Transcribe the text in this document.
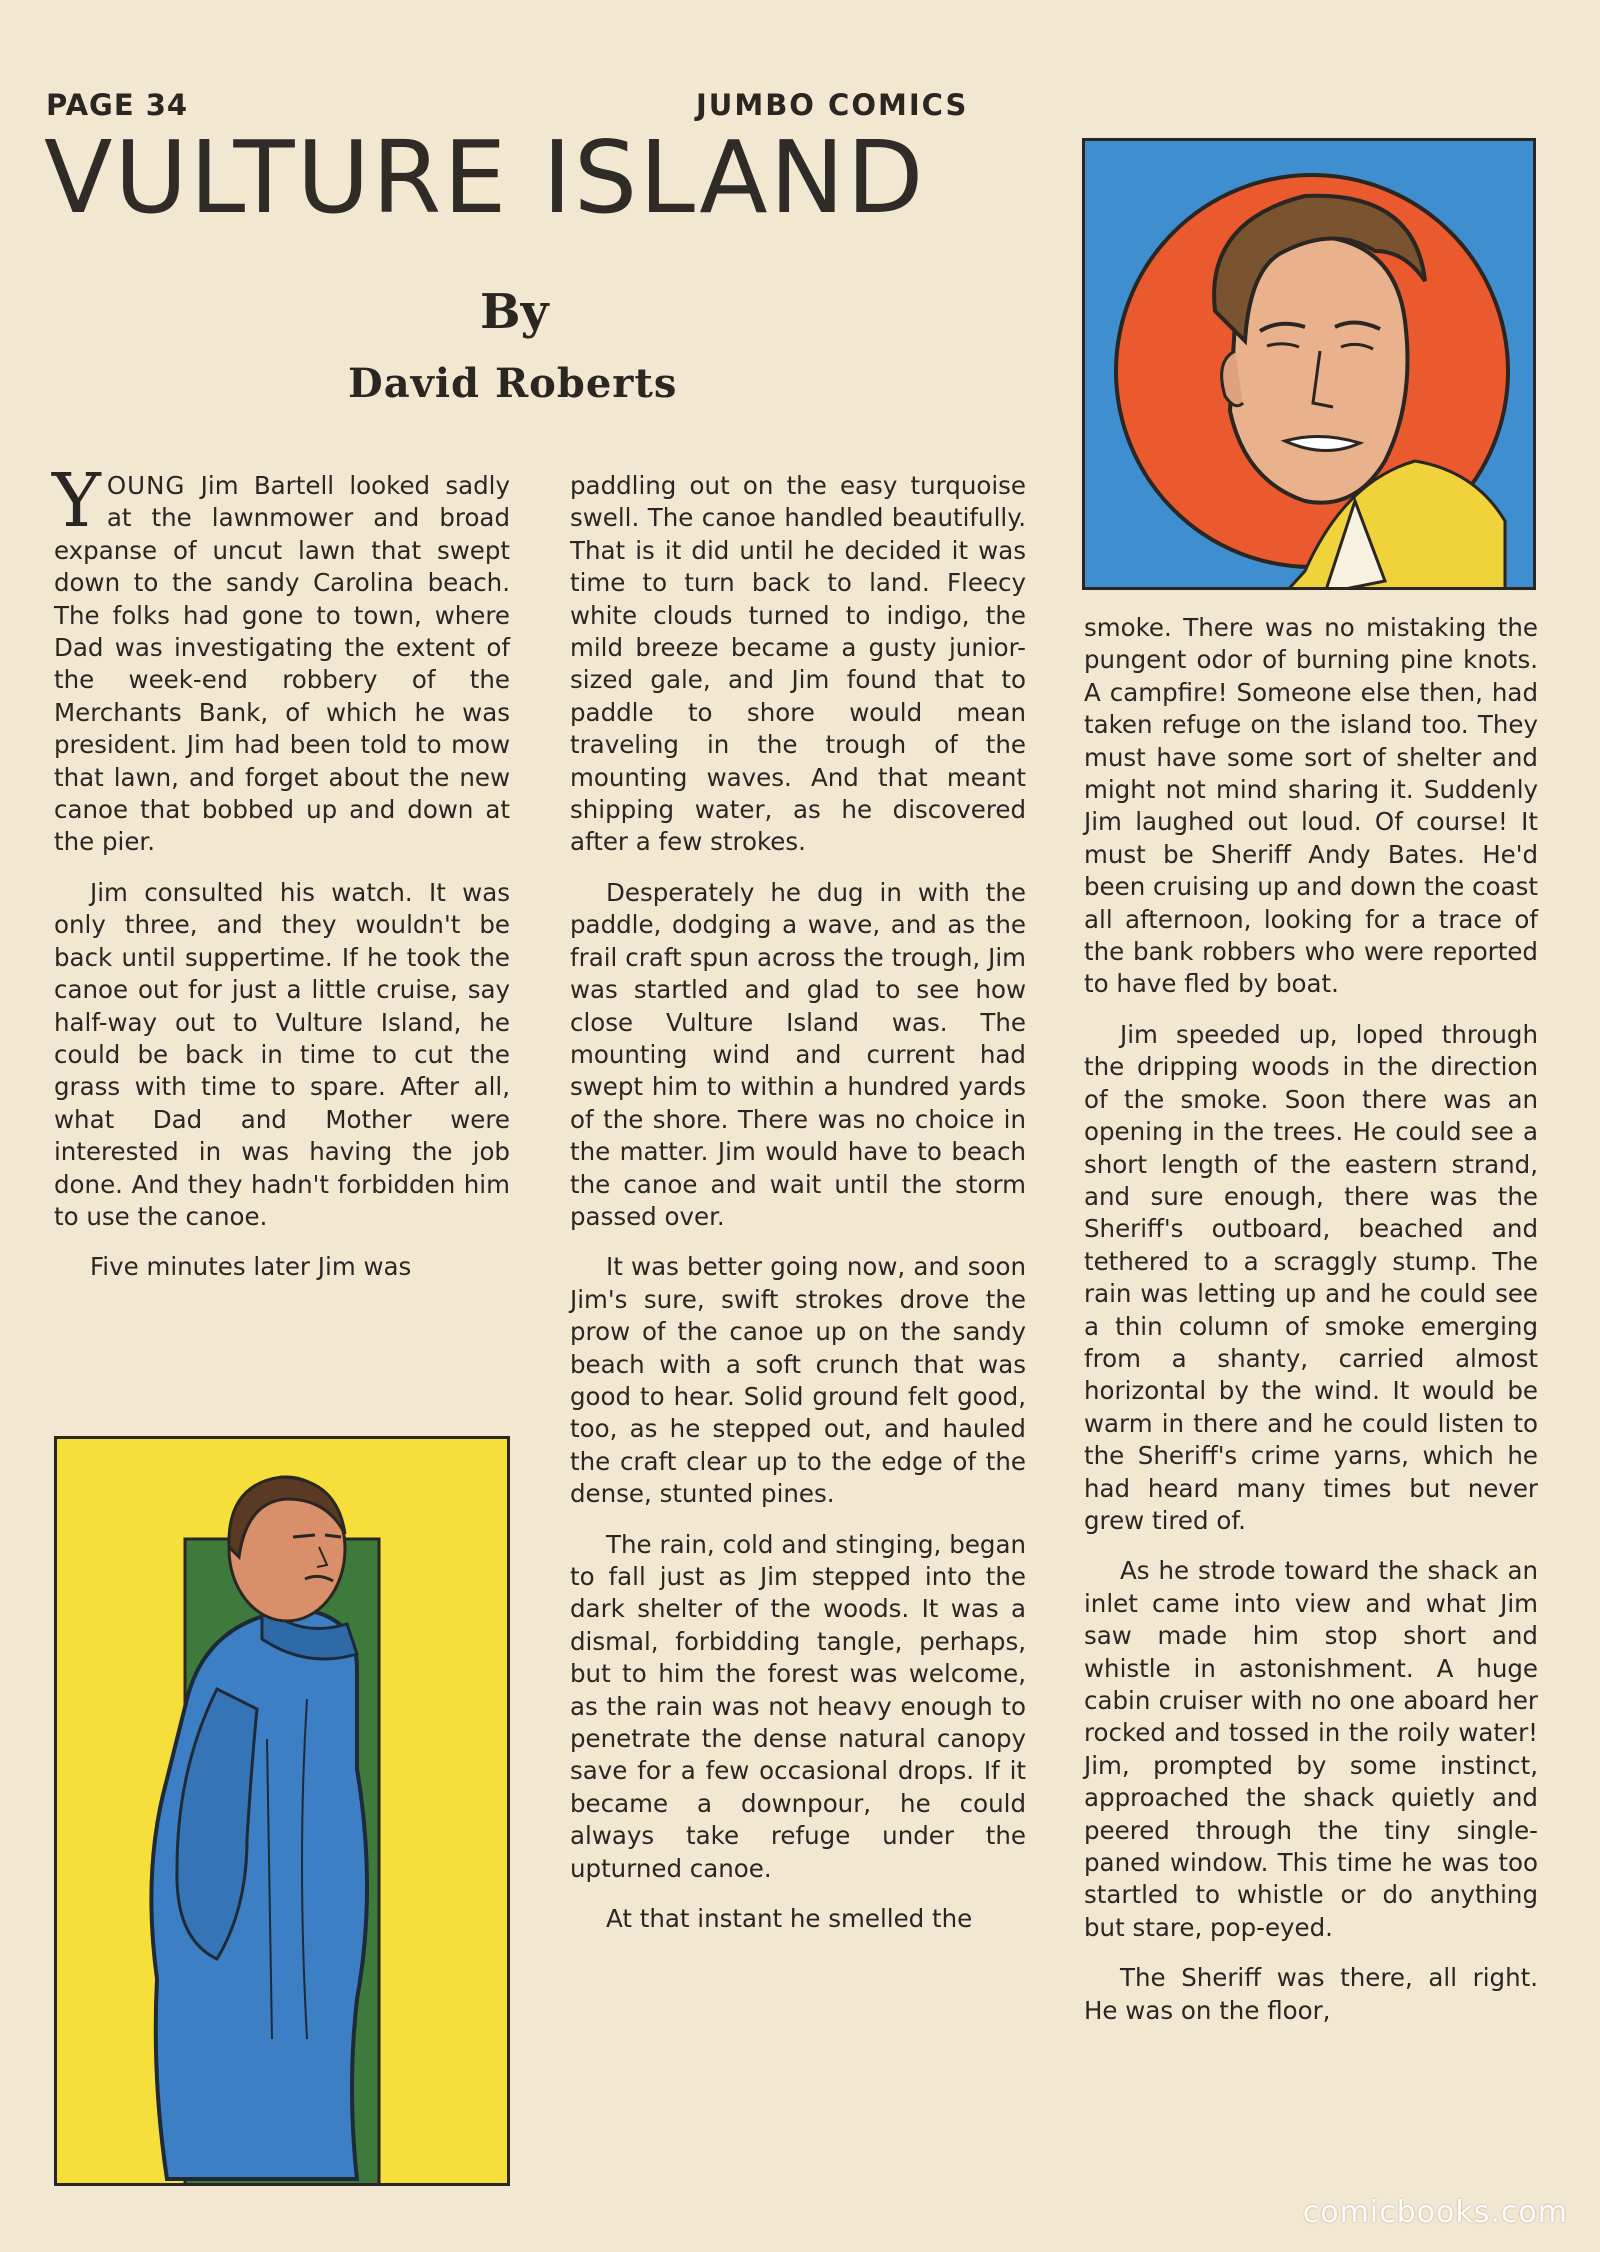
PAGE 34	JUMBO COMICS
VULTURE ISLAND
By
David Roberts

YOUNG Jim Bartell looked sadly at the lawnmower and broad expanse of uncut lawn that swept down to the sandy Carolina beach. The folks had gone to town, where Dad was investigating the extent of the week-end robbery of the Merchants Bank, of which he was president. Jim had been told to mow that lawn, and forget about the new canoe that bobbed up and down at the pier.

Jim consulted his watch. It was only three, and they wouldn't be back until suppertime. If he took the canoe out for just a little cruise, say half-way out to Vulture Island, he could be back in time to cut the grass with time to spare. After all, what Dad and Mother were interested in was having the job done. And they hadn't forbidden him to use the canoe.

Five minutes later Jim was

paddling out on the easy turquoise swell. The canoe handled beautifully. That is it did until he decided it was time to turn back to land. Fleecy white clouds turned to indigo, the mild breeze became a gusty junior-sized gale, and Jim found that to paddle to shore would mean traveling in the trough of the mounting waves. And that meant shipping water, as he discovered after a few strokes.

Desperately he dug in with the paddle, dodging a wave, and as the frail craft spun across the trough, Jim was startled and glad to see how close Vulture Island was. The mounting wind and current had swept him to within a hundred yards of the shore. There was no choice in the matter. Jim would have to beach the canoe and wait until the storm passed over.

It was better going now, and soon Jim's sure, swift strokes drove the prow of the canoe up on the sandy beach with a soft crunch that was good to hear. Solid ground felt good, too, as he stepped out, and hauled the craft clear up to the edge of the dense, stunted pines.

The rain, cold and stinging, began to fall just as Jim stepped into the dark shelter of the woods. It was a dismal, forbidding tangle, perhaps, but to him the forest was welcome, as the rain was not heavy enough to penetrate the dense natural canopy save for a few occasional drops. If it became a downpour, he could always take refuge under the upturned canoe.

At that instant he smelled the

smoke. There was no mistaking the pungent odor of burning pine knots. A campfire! Someone else then, had taken refuge on the island too. They must have some sort of shelter and might not mind sharing it. Suddenly Jim laughed out loud. Of course! It must be Sheriff Andy Bates. He'd been cruising up and down the coast all afternoon, looking for a trace of the bank robbers who were reported to have fled by boat.

Jim speeded up, loped through the dripping woods in the direction of the smoke. Soon there was an opening in the trees. He could see a short length of the eastern strand, and sure enough, there was the Sheriff's outboard, beached and tethered to a scraggly stump. The rain was letting up and he could see a thin column of smoke emerging from a shanty, carried almost horizontal by the wind. It would be warm in there and he could listen to the Sheriff's crime yarns, which he had heard many times but never grew tired of.

As he strode toward the shack an inlet came into view and what Jim saw made him stop short and whistle in astonishment. A huge cabin cruiser with no one aboard her rocked and tossed in the roily water! Jim, prompted by some instinct, approached the shack quietly and peered through the tiny single-paned window. This time he was too startled to whistle or do anything but stare, pop-eyed.

The Sheriff was there, all right. He was on the floor,

comicbooks.com
